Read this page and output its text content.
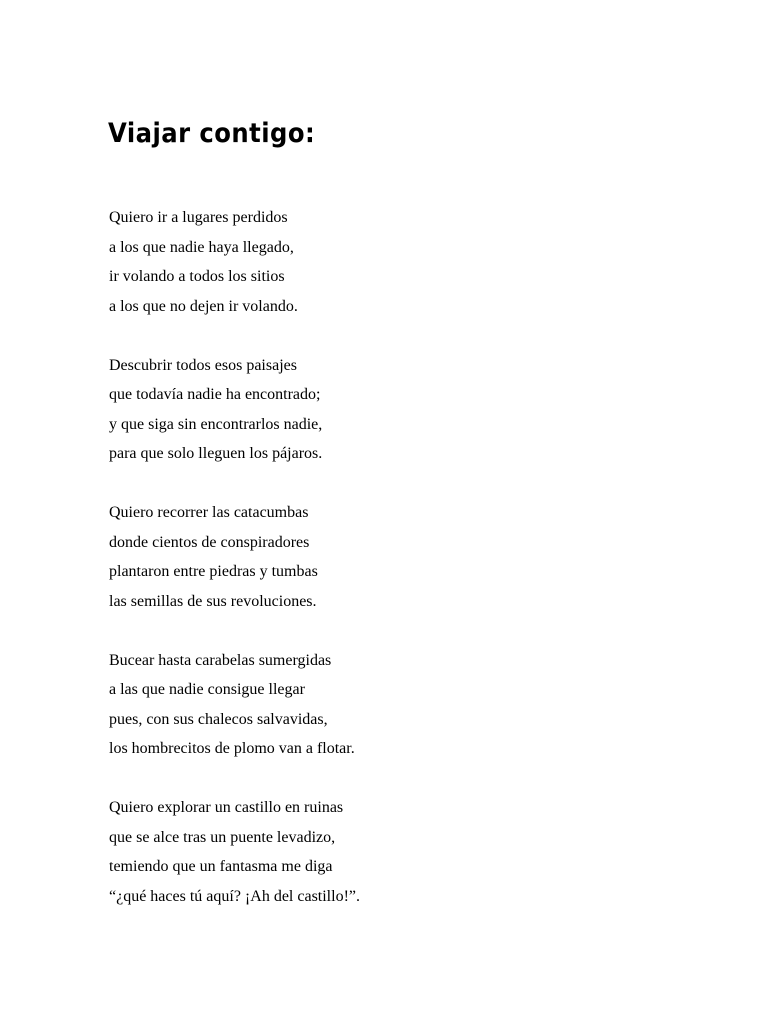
Viajar contigo:
Quiero ir a lugares perdidos
a los que nadie haya llegado,
ir volando a todos los sitios
a los que no dejen ir volando.
Descubrir todos esos paisajes
que todavía nadie ha encontrado;
y que siga sin encontrarlos nadie,
para que solo lleguen los pájaros.
Quiero recorrer las catacumbas
donde cientos de conspiradores
plantaron entre piedras y tumbas
las semillas de sus revoluciones.
Bucear hasta carabelas sumergidas
a las que nadie consigue llegar
pues, con sus chalecos salvavidas,
los hombrecitos de plomo van a flotar.
Quiero explorar un castillo en ruinas
que se alce tras un puente levadizo,
temiendo que un fantasma me diga
“¿qué haces tú aquí? ¡Ah del castillo!”.
